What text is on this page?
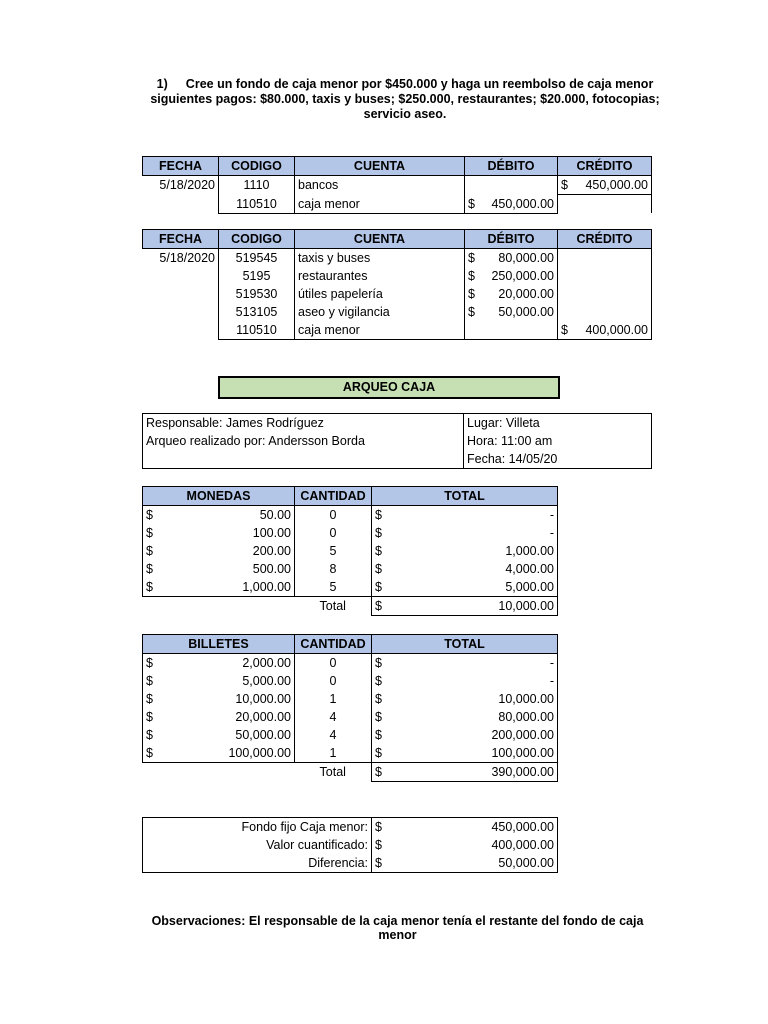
1) Cree un fondo de caja menor por $450.000 y haga un reembolso de caja menor
siguientes pagos: $80.000, taxis y buses; $250.000, restaurantes; $20.000, fotocopias;
servicio aseo.
FECHA	CODIGO	CUENTA	DÉBITO	CRÉDITO
5/18/2020	1110	bancos		$ 450,000.00

	110510	caja menor	$ 450,000.00	

FECHA	CODIGO	CUENTA	DÉBITO	CRÉDITO
5/18/2020	519545	taxis y buses	$ 80,000.00	

	5195	restaurantes	$ 250,000.00	

	519530	útiles papelería	$ 20,000.00	

	513105	aseo y vigilancia	$ 50,000.00	

	110510	caja menor		$ 400,000.00
ARQUEO CAJA
Responsable: James Rodríguez	Lugar: Villeta
Arqueo realizado por: Andersson Borda	Hora: 11:00 am
	Fecha: 14/05/20
MONEDAS	CANTIDAD	TOTAL

$ 50.00	0	$ -

$ 100.00	0	$ -

$ 200.00	5	$ 1,000.00

$ 500.00	8	$ 4,000.00

$ 1,000.00	5	$ 5,000.00

	Total	$ 10,000.00
BILLETES	CANTIDAD	TOTAL

$ 2,000.00	0	$ -

$ 5,000.00	0	$ -

$ 10,000.00	1	$ 10,000.00

$ 20,000.00	4	$ 80,000.00

$ 50,000.00	4	$ 200,000.00

$ 100,000.00	1	$ 100,000.00

	Total	$ 390,000.00
Fondo fijo Caja menor:	$ 450,000.00

Valor cuantificado:	$ 400,000.00

Diferencia:	$ 50,000.00
Observaciones: El responsable de la caja menor tenía el restante del fondo de caja menor
